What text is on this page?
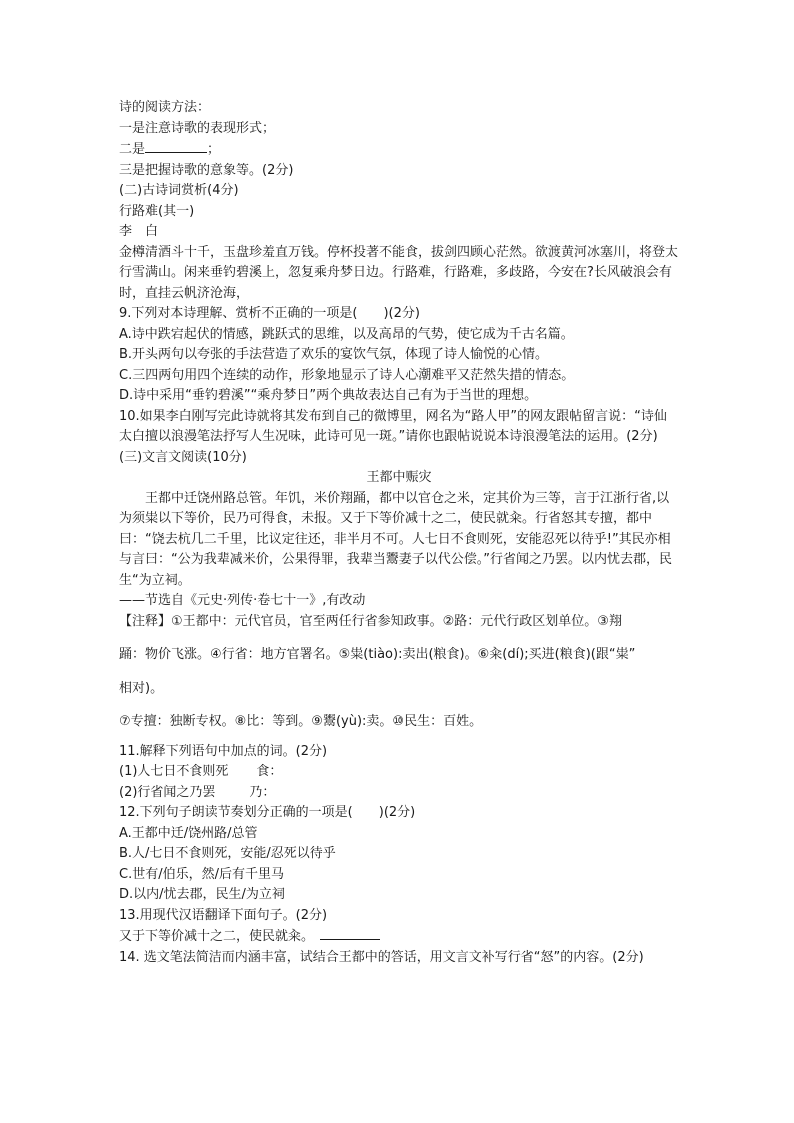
诗的阅读方法：
一是注意诗歌的表现形式；
二是	；
三是把握诗歌的意象等。(2分)
(二)古诗词赏析(4分)
行路难(其一)
李　白
金樽清酒斗十千，玉盘珍羞直万钱。停杯投著不能食，拔剑四顾心茫然。欲渡黄河冰塞川，将登太行雪满山。闲来垂钓碧溪上，忽复乘舟梦日边。行路难，行路难，多歧路，今安在?长风破浪会有时，直挂云帆济沧海，
9.下列对本诗理解、赏析不正确的一项是(　　)(2分)
A.诗中跌宕起伏的情感，跳跃式的思维，以及高昂的气势，使它成为千古名篇。
B.开头两句以夸张的手法营造了欢乐的宴饮气氛，体现了诗人愉悦的心情。
C.三四两句用四个连续的动作，形象地显示了诗人心潮难平又茫然失措的情态。
D.诗中采用“垂钓碧溪”“乘舟梦日”两个典故表达自己有为于当世的理想。
10.如果李白刚写完此诗就将其发布到自己的微博里，网名为“路人甲”的网友跟帖留言说：“诗仙太白擅以浪漫笔法抒写人生况味，此诗可见一斑。”请你也跟帖说说本诗浪漫笔法的运用。(2分)
(三)文言文阅读(10分)
王都中赈灾
王都中迁饶州路总管。年饥，米价翔踊，都中以官仓之米，定其价为三等，言于江浙行省,以为须粜以下等价，民乃可得食，未报。又于下等价减十之二，使民就籴。行省怒其专擅，都中曰：“饶去杭几二千里，比议定往还，非半月不可。人七日不食则死，安能忍死以待乎!”其民亦相与言曰：“公为我辈减米价，公果得罪，我辈当鬻妻子以代公偿。”行省闻之乃罢。以内忧去郡，民生“为立祠。
——节选自《元史·列传·卷七十一》,有改动
【注释】①王都中：元代官员，官至两任行省参知政事。②路：元代行政区划单位。③翔
踊：物价飞涨。④行省：地方官署名。⑤粜(tiào):卖出(粮食)。⑥籴(dí);买进(粮食)(跟“粜”
相对)。
⑦专擅：独断专权。⑧比：等到。⑨鬻(yù):卖。⑩民生：百姓。
11.解释下列语句中加点的词。(2分)
(1)人七日不食则死 食：
(2)行省闻之乃罢	乃：
12.下列句子朗读节奏划分正确的一项是(　　)(2分)
A.王都中迁/饶州路/总管
B.人/七日不食则死，安能/忍死以待乎
C.世有/伯乐，然/后有千里马
D.以内/忧去郡，民生/为立祠
13.用现代汉语翻译下面句子。(2分)
又于下等价减十之二，使民就籴。
14. 选文笔法简洁而内涵丰富，试结合王都中的答话，用文言文补写行省“怒”的内容。(2分)
